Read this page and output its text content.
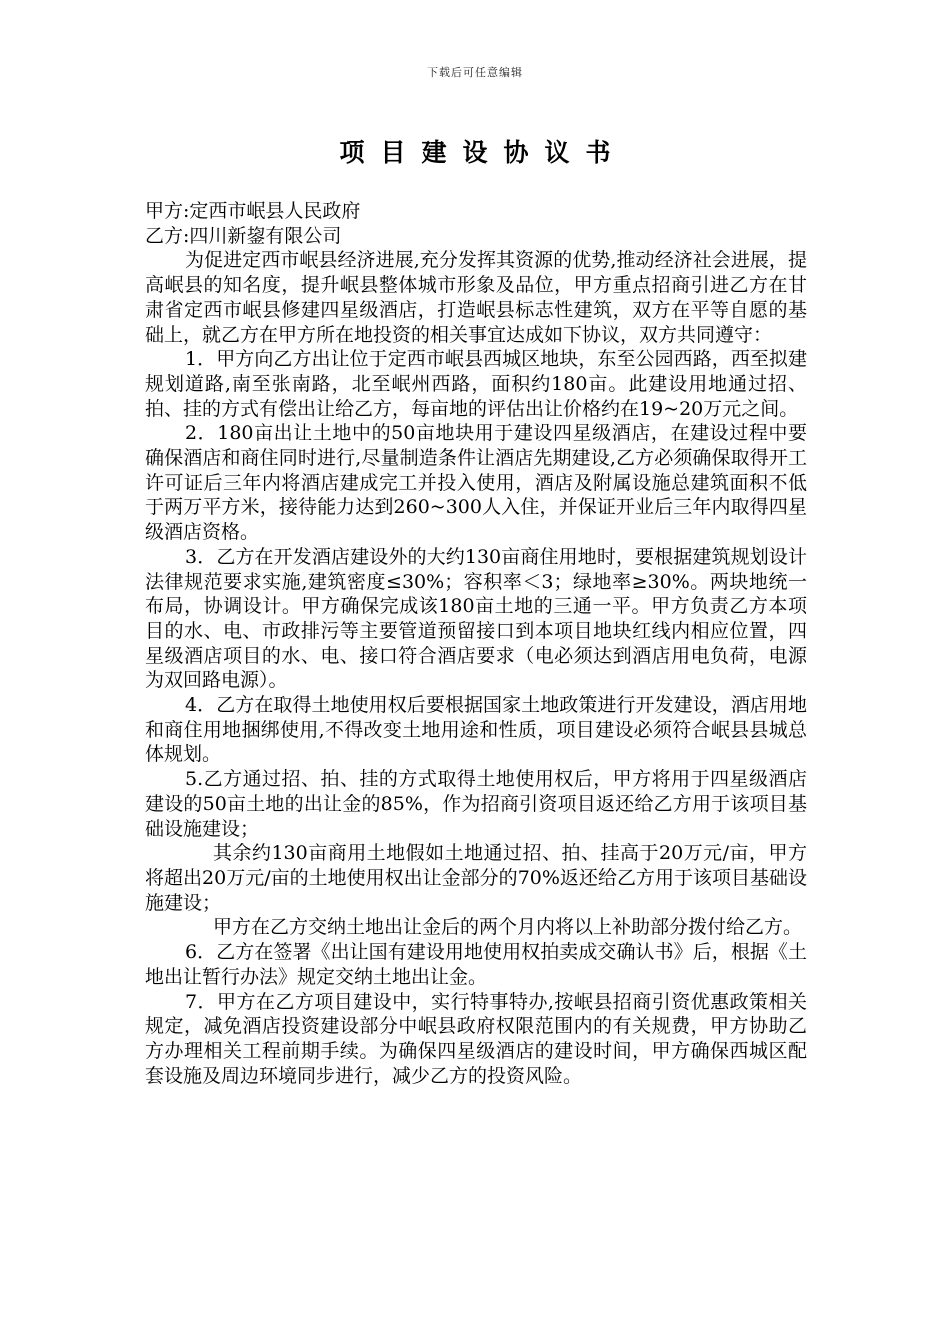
下载后可任意编辑
项目建设协议书

甲方:定西市岷县人民政府

乙方:四川新鋆有限公司

为促进定西市岷县经济进展,充分发挥其资源的优势,推动经济社会进展，提高岷县的知名度，提升岷县整体城市形象及品位，甲方重点招商引进乙方在甘肃省定西市岷县修建四星级酒店，打造岷县标志性建筑，双方在平等自愿的基础上，就乙方在甲方所在地投资的相关事宜达成如下协议，双方共同遵守：

1．甲方向乙方出让位于定西市岷县西城区地块，东至公园西路，西至拟建规划道路,南至张南路，北至岷州西路，面积约180亩。此建设用地通过招、拍、挂的方式有偿出让给乙方，每亩地的评估出让价格约在19~20万元之间。

2．180亩出让土地中的50亩地块用于建设四星级酒店，在建设过程中要确保酒店和商住同时进行,尽量制造条件让酒店先期建设,乙方必须确保取得开工许可证后三年内将酒店建成完工并投入使用，酒店及附属设施总建筑面积不低于两万平方米，接待能力达到260~300人入住，并保证开业后三年内取得四星级酒店资格。

3．乙方在开发酒店建设外的大约130亩商住用地时，要根据建筑规划设计法律规范要求实施,建筑密度≤30%；容积率＜3；绿地率≥30%。两块地统一布局，协调设计。甲方确保完成该180亩土地的三通一平。甲方负责乙方本项目的水、电、市政排污等主要管道预留接口到本项目地块红线内相应位置，四星级酒店项目的水、电、接口符合酒店要求（电必须达到酒店用电负荷，电源为双回路电源）。

4．乙方在取得土地使用权后要根据国家土地政策进行开发建设，酒店用地和商住用地捆绑使用,不得改变土地用途和性质，项目建设必须符合岷县县城总体规划。

5.乙方通过招、拍、挂的方式取得土地使用权后，甲方将用于四星级酒店建设的50亩土地的出让金的85%，作为招商引资项目返还给乙方用于该项目基础设施建设；

其余约130亩商用土地假如土地通过招、拍、挂高于20万元/亩，甲方将超出20万元/亩的土地使用权出让金部分的70%返还给乙方用于该项目基础设施建设；

甲方在乙方交纳土地出让金后的两个月内将以上补助部分拨付给乙方。

6．乙方在签署《出让国有建设用地使用权拍卖成交确认书》后，根据《土地出让暂行办法》规定交纳土地出让金。

7．甲方在乙方项目建设中，实行特事特办,按岷县招商引资优惠政策相关规定，减免酒店投资建设部分中岷县政府权限范围内的有关规费，甲方协助乙方办理相关工程前期手续。为确保四星级酒店的建设时间，甲方确保西城区配套设施及周边环境同步进行，减少乙方的投资风险。
